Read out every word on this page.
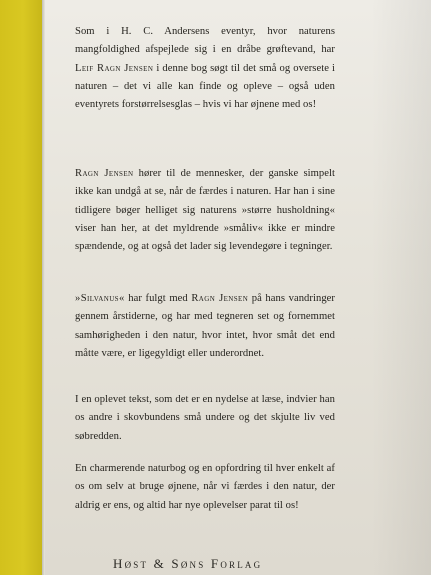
Som i H. C. Andersens eventyr, hvor naturens mangfoldighed afspejlede sig i en dråbe grøftevand, har Leif Ragn Jensen i denne bog søgt til det små og oversete i naturen – det vi alle kan finde og opleve – også uden eventyrets forstørrelsesglas – hvis vi har øjnene med os!

Ragn Jensen hører til de mennesker, der ganske simpelt ikke kan undgå at se, når de færdes i naturen. Har han i sine tidligere bøger helliget sig naturens »større husholdning« viser han her, at det myldrende »småliv« ikke er mindre spændende, og at også det lader sig levendegøre i tegninger.

»Silvanus« har fulgt med Ragn Jensen på hans vandringer gennem årstiderne, og har med tegneren set og fornemmet samhørigheden i den natur, hvor intet, hvor småt det end måtte være, er ligegyldigt eller underordnet.

I en oplevet tekst, som det er en nydelse at læse, indvier han os andre i skovbundens små undere og det skjulte liv ved søbredden.

En charmerende naturbog og en opfordring til hver enkelt af os om selv at bruge øjnene, når vi færdes i den natur, der aldrig er ens, og altid har nye oplevelser parat til os!

Høst & Søns Forlag
